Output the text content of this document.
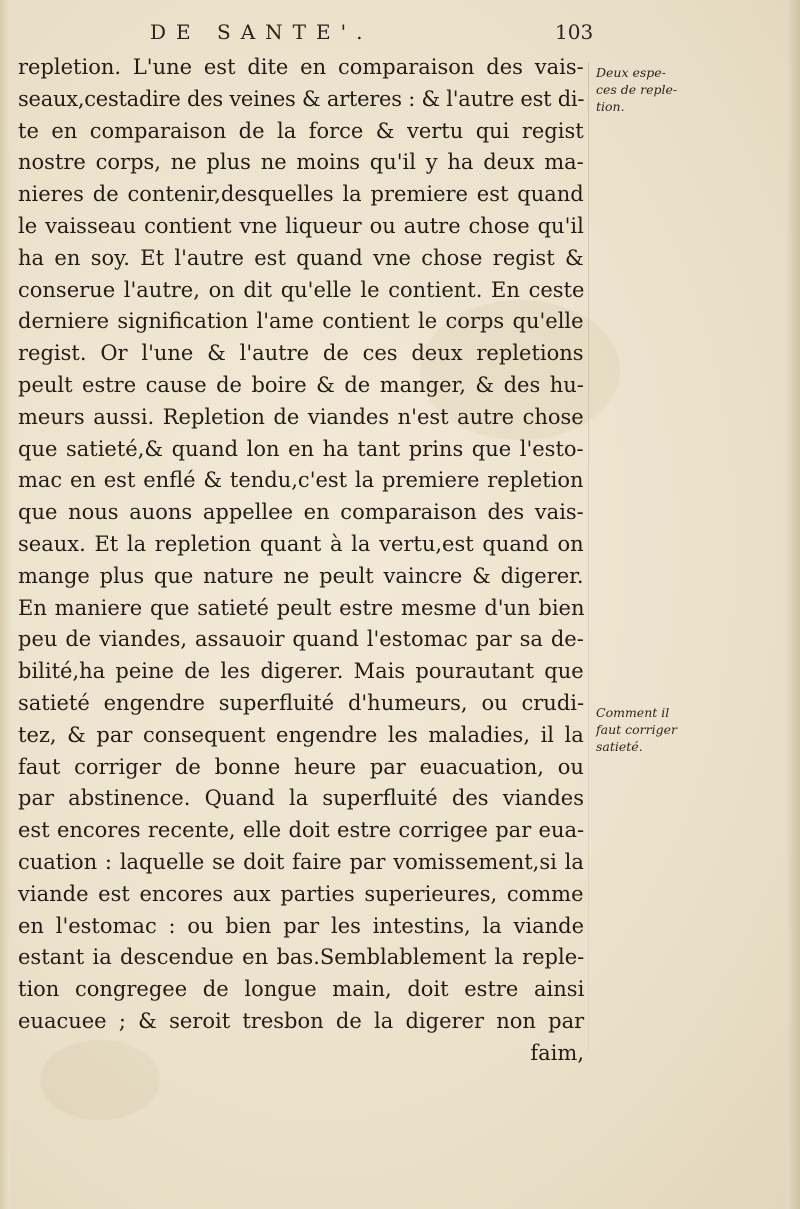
DE SANTE'.	103
repletion. L'une est dite en comparaison des vais-
seaux,cestadire des veines & arteres : & l'autre est di-
te en comparaison de la force & vertu qui regist
nostre corps, ne plus ne moins qu'il y ha deux ma-
nieres de contenir,desquelles la premiere est quand
le vaisseau contient vne liqueur ou autre chose qu'il
ha en soy. Et l'autre est quand vne chose regist &
conserue l'autre, on dit qu'elle le contient. En ceste
derniere signification l'ame contient le corps qu'elle
regist. Or l'une & l'autre de ces deux repletions
peult estre cause de boire & de manger, & des hu-
meurs aussi. Repletion de viandes n'est autre chose
que satieté,& quand lon en ha tant prins que l'esto-
mac en est enflé & tendu,c'est la premiere repletion
que nous auons appellee en comparaison des vais-
seaux. Et la repletion quant à la vertu,est quand on
mange plus que nature ne peult vaincre & digerer.
En maniere que satieté peult estre mesme d'un bien
peu de viandes, assauoir quand l'estomac par sa de-
bilité,ha peine de les digerer. Mais pourautant que
satieté engendre superfluité d'humeurs, ou crudi-
tez, & par consequent engendre les maladies, il la
faut corriger de bonne heure par euacuation, ou
par abstinence. Quand la superfluité des viandes
est encores recente, elle doit estre corrigee par eua-
cuation : laquelle se doit faire par vomissement,si la
viande est encores aux parties superieures, comme
en l'estomac : ou bien par les intestins, la viande
estant ia descendue en bas.Semblablement la reple-
tion congregee de longue main, doit estre ainsi
euacuee ; & seroit tresbon de la digerer non par
faim,
Deux espe-
ces de reple-
tion.
Comment il
faut corriger
satieté.
